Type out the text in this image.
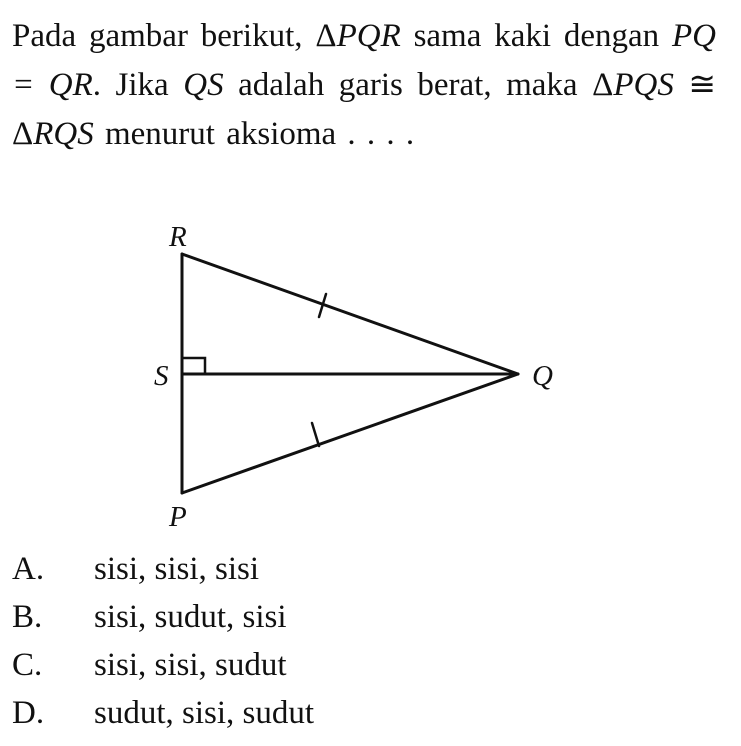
Pada gambar berikut, ΔPQR sama kaki dengan PQ = QR. Jika QS adalah garis berat, maka ΔPQS ≅ ΔRQS menurut aksioma . . . .
R
S	Q
P
A.	sisi, sisi, sisi
B.	sisi, sudut, sisi
C.	sisi, sisi, sudut
D.	sudut, sisi, sudut
